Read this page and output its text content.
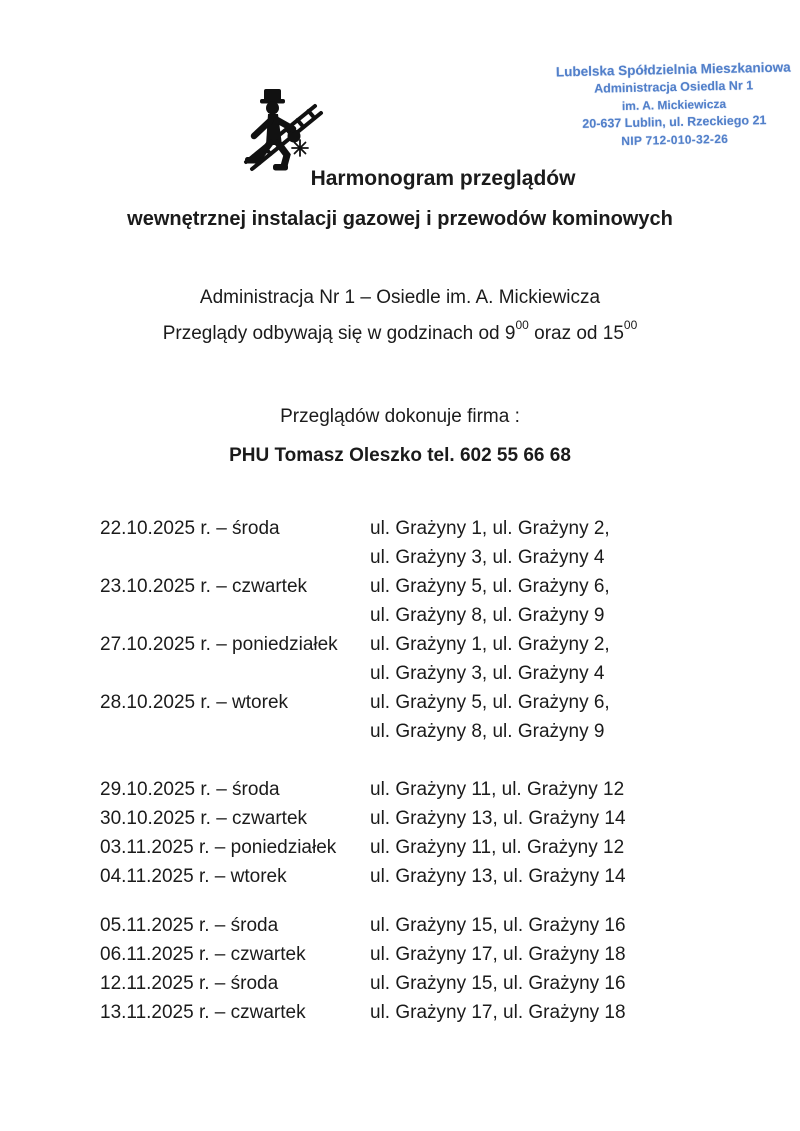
Lubelska Spółdzielnia Mieszkaniowa
Administracja Osiedla Nr 1
im. A. Mickiewicza
20-637 Lublin, ul. Rzeckiego 21
NIP 712-010-32-26
Harmonogram przeglądów
wewnętrznej instalacji gazowej i przewodów kominowych

Administracja Nr 1 – Osiedle im. A. Mickiewicza

Przeglądy odbywają się w godzinach od $9^{00}$ oraz od $15^{00}$

Przeglądów dokonuje firma :

PHU Tomasz Oleszko tel. 602 55 66 68

22.10.2025 r. – środa	ul. Grażyny 1, ul. Grażyny 2,
ul. Grażyny 3, ul. Grażyny 4
23.10.2025 r. – czwartek	ul. Grażyny 5, ul. Grażyny 6,
ul. Grażyny 8, ul. Grażyny 9
27.10.2025 r. – poniedziałek	ul. Grażyny 1, ul. Grażyny 2,
ul. Grażyny 3, ul. Grażyny 4
28.10.2025 r. – wtorek	ul. Grażyny 5, ul. Grażyny 6,
ul. Grażyny 8, ul. Grażyny 9
29.10.2025 r. – środa	ul. Grażyny 11, ul. Grażyny 12
30.10.2025 r. – czwartek	ul. Grażyny 13, ul. Grażyny 14
03.11.2025 r. – poniedziałek	ul. Grażyny 11, ul. Grażyny 12
04.11.2025 r. – wtorek	ul. Grażyny 13, ul. Grażyny 14
05.11.2025 r. – środa	ul. Grażyny 15, ul. Grażyny 16
06.11.2025 r. – czwartek	ul. Grażyny 17, ul. Grażyny 18
12.11.2025 r. – środa	ul. Grażyny 15, ul. Grażyny 16
13.11.2025 r. – czwartek	ul. Grażyny 17, ul. Grażyny 18
